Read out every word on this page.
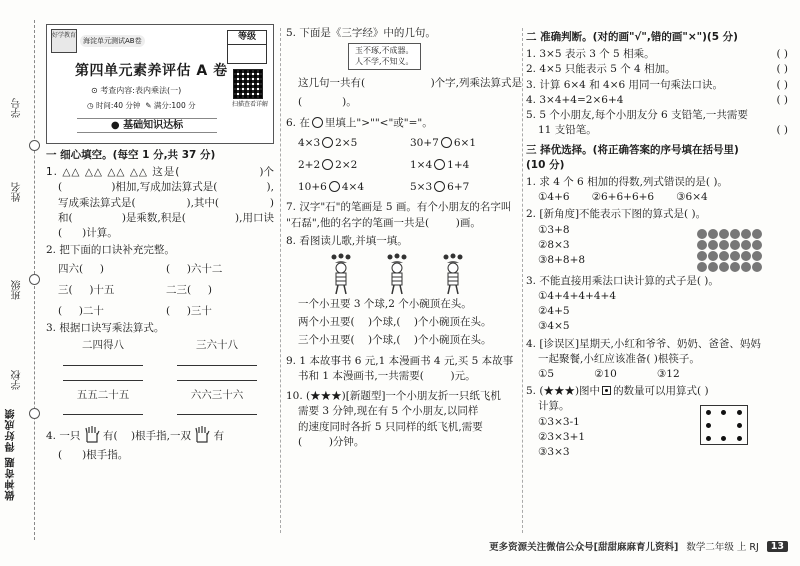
学号
姓名
班级
学校
做神奇题 得好成绩
好学教育
海淀单元测试AB卷	等级
第四单元素养评估 A 卷
⊙ 考查内容:表内乘法(一)
扫描查看详解
◷ 时间:40 分钟 ✎ 满分:100 分
● 基础知识达标
一 细心填空。(每空 1 分,共 37 分)
1. △△ △△ △△ △△ 这是(	)个
(	)相加,写成加法算式是(	),
写成乘法算式是(	),其中(	)
和(	)是乘数,积是(	),用口诀
( )计算。
2. 把下面的口诀补充完整。
四六( )	( )六十二
三( )十五	二三( )
( )二十	( )三十
3. 根据口诀写乘法算式。
二四得八	三六十八

五五二十五	六六三十六
4. 一只 有( )根手指,一双 有
( )根手指。
5. 下面是《三字经》中的几句。
玉不琢,不成器。
人不学,不知义。
这几句一共有(	)个字,列乘法算式是
(	)。
6. 在 里填上">""<"或"="。
4×3 2×5	30+7 6×1
2+2 2×2	1×4 1+4
10+6 4×4	5×3 6+7
7. 汉字"石"的笔画是 5 画。有个小朋友的名字叫
"石磊",他的名字的笔画一共是(	)画。
8. 看图读儿歌,并填一填。
一个小丑要 3 个球,2 个小碗顶在头。
两个小丑要( )个球,( )个小碗顶在头。
三个小丑要( )个球,( )个小碗顶在头。
9. 1 本故事书 6 元,1 本漫画书 4 元,买 5 本故事
书和 1 本漫画书,一共需要(	)元。
10. (★★★)[新题型]一个小朋友折一只纸飞机
需要 3 分钟,现在有 5 个小朋友,以同样
的速度同时各折 5 只同样的纸飞机,需要
(	)分钟。
二 准确判断。(对的画"√",错的画"×")(5 分)
1. 3×5 表示 3 个 5 相乘。	( )
2. 4×5 只能表示 5 个 4 相加。	( )
3. 计算 6×4 和 4×6 用同一句乘法口诀。	( )
4. 3×4+4=2×6+4	( )
5. 5 个小朋友,每个小朋友分 6 支铅笔,一共需要
11 支铅笔。	( )
三 择优选择。(将正确答案的序号填在括号里)
(10 分)
1. 求 4 个 6 相加的得数,列式错误的是( )。
①4+6 ②6+6+6+6 ③6×4
2. [新角度]不能表示下图的算式是( )。
①3+8
②8×3
③8+8+8
3. 不能直接用乘法口诀计算的式子是( )。
①4+4+4+4+4
②4+5
③4×5
4. [诊误区]星期天,小红和爷爷、奶奶、爸爸、妈妈
一起聚餐,小红应该准备( )根筷子。
①5	②10	③12
5. (★★★)图中 的数量可以用算式( )
计算。
①3×3-1
②3×3+1
③3×3
更多资源关注微信公众号[甜甜麻麻育儿资料] 数学二年级 上 RJ	13
